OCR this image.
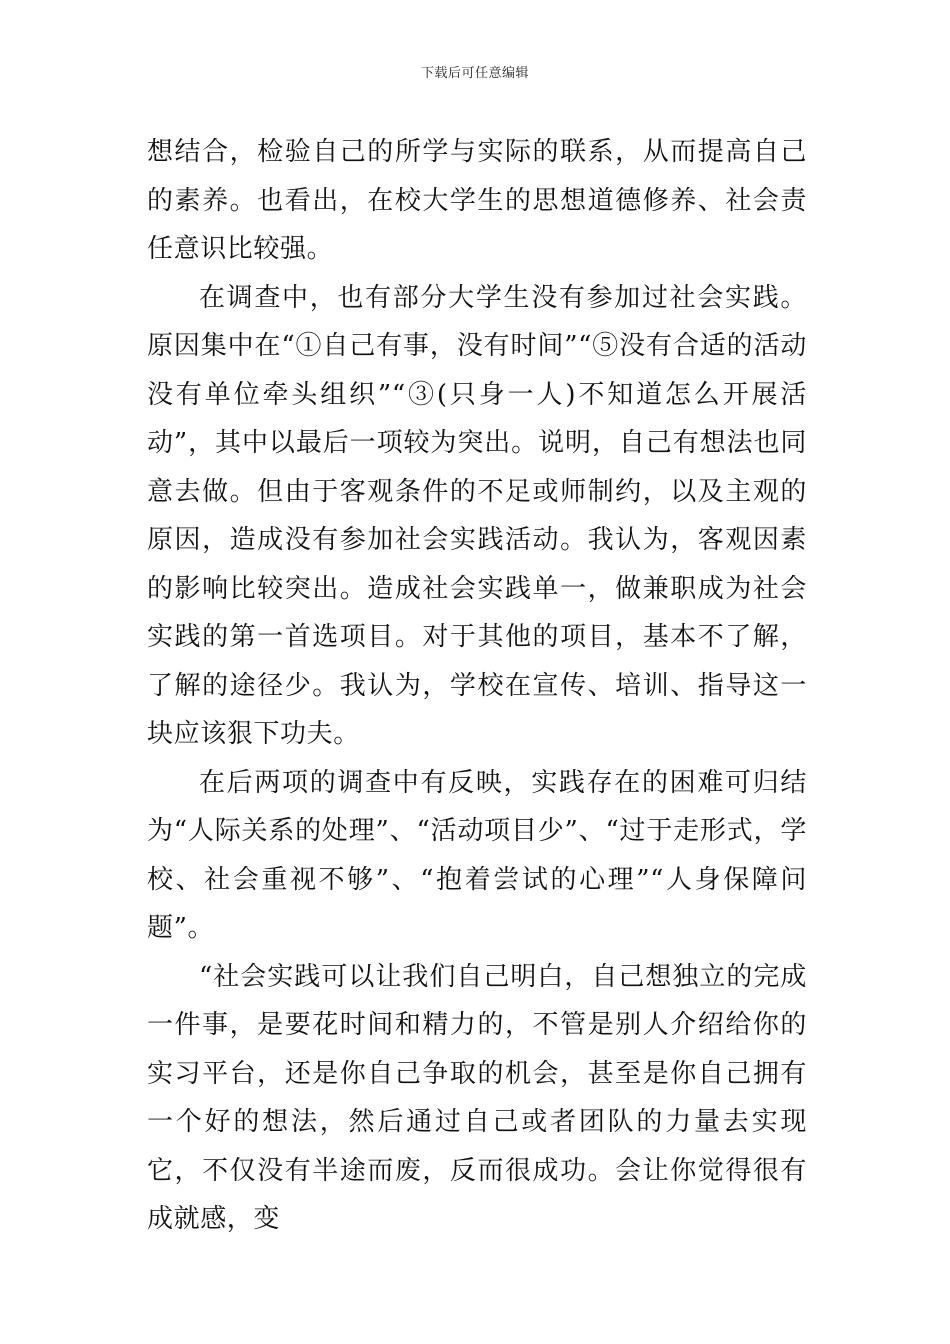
下载后可任意编辑

想结合，检验自己的所学与实际的联系，从而提高自己的素养。也看出，在校大学生的思想道德修养、社会责任意识比较强。

在调查中，也有部分大学生没有参加过社会实践。原因集中在“①自己有事，没有时间”“⑤没有合适的活动没有单位牵头组织”“③(只身一人)不知道怎么开展活动”，其中以最后一项较为突出。说明，自己有想法也同意去做。但由于客观条件的不足或师制约，以及主观的原因，造成没有参加社会实践活动。我认为，客观因素的影响比较突出。造成社会实践单一，做兼职成为社会实践的第一首选项目。对于其他的项目，基本不了解，了解的途径少。我认为，学校在宣传、培训、指导这一块应该狠下功夫。

在后两项的调查中有反映，实践存在的困难可归结为“人际关系的处理”、“活动项目少”、“过于走形式，学校、社会重视不够”、“抱着尝试的心理”“人身保障问题”。

“社会实践可以让我们自己明白，自己想独立的完成一件事，是要花时间和精力的，不管是别人介绍给你的实习平台，还是你自己争取的机会，甚至是你自己拥有一个好的想法，然后通过自己或者团队的力量去实现它，不仅没有半途而废，反而很成功。会让你觉得很有成就感，变
